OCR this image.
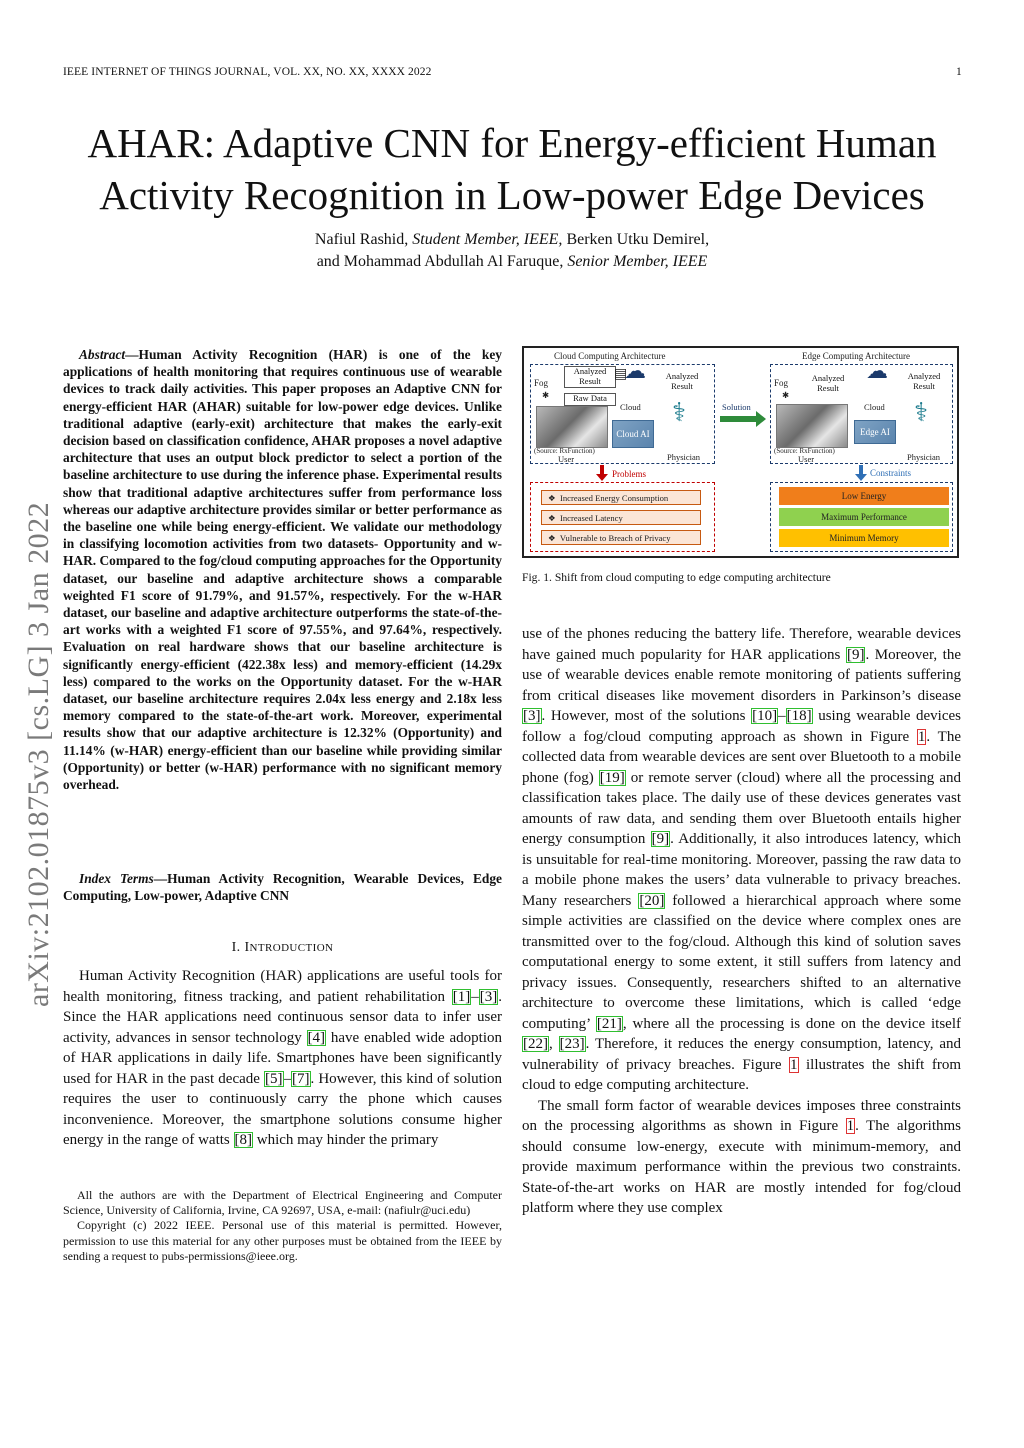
IEEE INTERNET OF THINGS JOURNAL, VOL. XX, NO. XX, XXXX 2022	1
AHAR: Adaptive CNN for Energy-efficient Human
Activity Recognition in Low-power Edge Devices
Nafiul Rashid, Student Member, IEEE, Berken Utku Demirel,
and Mohammad Abdullah Al Faruque, Senior Member, IEEE
arXiv:2102.01875v3 [cs.LG] 3 Jan 2022

Abstract—Human Activity Recognition (HAR) is one of the key applications of health monitoring that requires continuous use of wearable devices to track daily activities. This paper proposes an Adaptive CNN for energy-efficient HAR (AHAR) suitable for low-power edge devices. Unlike traditional adaptive (early-exit) architecture that makes the early-exit decision based on classification confidence, AHAR proposes a novel adaptive architecture that uses an output block predictor to select a portion of the baseline architecture to use during the inference phase. Experimental results show that traditional adaptive architectures suffer from performance loss whereas our adaptive architecture provides similar or better performance as the baseline one while being energy-efficient. We validate our methodology in classifying locomotion activities from two datasets- Opportunity and w-HAR. Compared to the fog/cloud computing approaches for the Opportunity dataset, our baseline and adaptive architecture shows a comparable weighted F1 score of 91.79%, and 91.57%, respectively. For the w-HAR dataset, our baseline and adaptive architecture outperforms the state-of-the-art works with a weighted F1 score of 97.55%, and 97.64%, respectively. Evaluation on real hardware shows that our baseline architecture is significantly energy-efficient (422.38x less) and memory-efficient (14.29x less) compared to the works on the Opportunity dataset. For the w-HAR dataset, our baseline architecture requires 2.04x less energy and 2.18x less memory compared to the state-of-the-art work. Moreover, experimental results show that our adaptive architecture is 12.32% (Opportunity) and 11.14% (w-HAR) energy-efficient than our baseline while providing similar (Opportunity) or better (w-HAR) performance with no significant memory overhead.

Index Terms—Human Activity Recognition, Wearable Devices, Edge Computing, Low-power, Adaptive CNN

I. INTRODUCTION

Human Activity Recognition (HAR) applications are useful tools for health monitoring, fitness tracking, and patient rehabilitation [1]–[3]. Since the HAR applications need continuous sensor data to infer user activity, advances in sensor technology [4] have enabled wide adoption of HAR applications in daily life. Smartphones have been significantly used for HAR in the past decade [5]–[7]. However, this kind of solution requires the user to continuously carry the phone which causes inconvenience. Moreover, the smartphone solutions consume higher energy in the range of watts [8] which may hinder the primary

All the authors are with the Department of Electrical Engineering and Computer Science, University of California, Irvine, CA 92697, USA, e-mail: (nafiulr@uci.edu)

Copyright (c) 2022 IEEE. Personal use of this material is permitted. However, permission to use this material for any other purposes must be obtained from the IEEE by sending a request to pubs-permissions@ieee.org.

Cloud Computing Architecture
Fog
Analyzed Result
✱	Raw Data
(Source: RxFunction)
User
▤
☁
Cloud
Cloud AI
Analyzed Result
⚕
Physician
Solution
Edge Computing Architecture
Fog	Analyzed Result
☁
Cloud
Analyzed Result
✱
Edge AI
(Source: RxFunction)
User
⚕
Physician
Problems
❖  Increased Energy Consumption
❖  Increased Latency
❖  Vulnerable to Breach of Privacy
Constraints
Low Energy
Maximum Performance
Minimum Memory
Fig. 1. Shift from cloud computing to edge computing architecture

use of the phones reducing the battery life. Therefore, wearable devices have gained much popularity for HAR applications [9]. Moreover, the use of wearable devices enable remote monitoring of patients suffering from critical diseases like movement disorders in Parkinson’s disease [3]. However, most of the solutions [10]–[18] using wearable devices follow a fog/cloud computing approach as shown in Figure 1. The collected data from wearable devices are sent over Bluetooth to a mobile phone (fog) [19] or remote server (cloud) where all the processing and classification takes place. The daily use of these devices generates vast amounts of raw data, and sending them over Bluetooth entails higher energy consumption [9]. Additionally, it also introduces latency, which is unsuitable for real-time monitoring. Moreover, passing the raw data to a mobile phone makes the users’ data vulnerable to privacy breaches. Many researchers [20] followed a hierarchical approach where some simple activities are classified on the device where complex ones are transmitted over to the fog/cloud. Although this kind of solution saves computational energy to some extent, it still suffers from latency and privacy issues. Consequently, researchers shifted to an alternative architecture to overcome these limitations, which is called ‘edge computing’ [21], where all the processing is done on the device itself [22], [23]. Therefore, it reduces the energy consumption, latency, and vulnerability of privacy breaches. Figure 1 illustrates the shift from cloud to edge computing architecture.

The small form factor of wearable devices imposes three constraints on the processing algorithms as shown in Figure 1. The algorithms should consume low-energy, execute with minimum-memory, and provide maximum performance within the previous two constraints. State-of-the-art works on HAR are mostly intended for fog/cloud platform where they use complex
